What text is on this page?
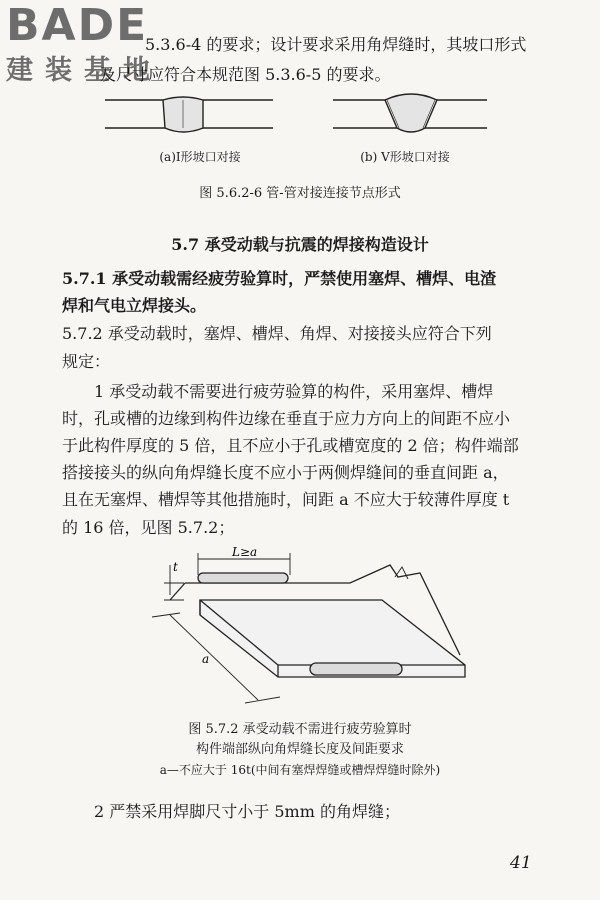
BADE
建装基地
5.3.6-4 的要求；设计要求采用角焊缝时，其坡口形式
及尺寸应符合本规范图 5.3.6-5 的要求。
(a)Ⅰ形坡口对接	(b) Ⅴ形坡口对接
图 5.6.2-6 管-管对接连接节点形式
5.7 承受动载与抗震的焊接构造设计
5.7.1 承受动载需经疲劳验算时，严禁使用塞焊、槽焊、电渣
焊和气电立焊接头。
5.7.2 承受动载时，塞焊、槽焊、角焊、对接接头应符合下列
规定：
1 承受动载不需要进行疲劳验算的构件，采用塞焊、槽焊
时，孔或槽的边缘到构件边缘在垂直于应力方向上的间距不应小
于此构件厚度的 5 倍，且不应小于孔或槽宽度的 2 倍；构件端部
搭接接头的纵向角焊缝长度不应小于两侧焊缝间的垂直间距 a，
且在无塞焊、槽焊等其他措施时，间距 a 不应大于较薄件厚度 t
的 16 倍，见图 5.7.2；
t
L≥a
a
图 5.7.2 承受动载不需进行疲劳验算时
构件端部纵向角焊缝长度及间距要求
a—不应大于 16t(中间有塞焊焊缝或槽焊焊缝时除外)
2 严禁采用焊脚尺寸小于 5mm 的角焊缝；
41
